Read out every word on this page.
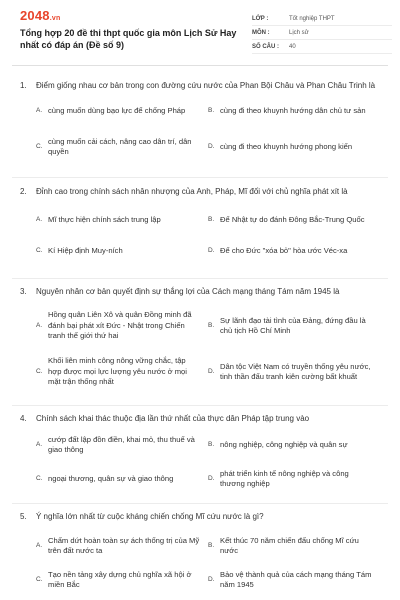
2048.vn
Tổng hợp 20 đề thi thpt quốc gia môn Lịch Sử Hay nhất có đáp án (Đề số 9)
LỚP :	Tốt nghiệp THPT
MÔN :	Lịch sử
SỐ CÂU :	40
1. Điểm giống nhau cơ bản trong con đường cứu nước của Phan Bội Châu và Phan Châu Trinh là
A. cùng muốn dùng bạo lực để chống Pháp	B. cùng đi theo khuynh hướng dân chủ tư sản
C.
cùng muốn cải cách, nâng cao dân trí, dân quyền
D. cùng đi theo khuynh hướng phong kiến
2. Đỉnh cao trong chính sách nhân nhượng của Anh, Pháp, Mĩ đối với chủ nghĩa phát xít là
A. Mĩ thực hiện chính sách trung lập	B. Để Nhật tự do đánh Đông Bắc-Trung Quốc
C. Kí Hiệp định Muy-ních	D. Để cho Đức "xóa bỏ" hòa ước Véc-xa
3. Nguyên nhân cơ bản quyết định sự thắng lợi của Cách mạng tháng Tám năm 1945 là
A.
Hồng quân Liên Xô và quân Đồng minh đã đánh bại phát xít Đức - Nhật trong Chiến tranh thế giới thứ hai
B.
Sự lãnh đạo tài tình của Đảng, đứng đầu là chủ tịch Hồ Chí Minh
C.
Khối liên minh công nông vững chắc, tập hợp được mọi lực lượng yêu nước ở mọi mặt trận thống nhất
D.
Dân tộc Việt Nam có truyền thống yêu nước, tinh thần đấu tranh kiên cường bất khuất
4. Chính sách khai thác thuộc địa lần thứ nhất của thực dân Pháp tập trung vào
A.
cướp đất lập đồn điền, khai mỏ, thu thuế và giao thông
B. nông nghiệp, công nghiệp và quân sự
C. ngoại thương, quân sự và giao thông	D.
phát triển kinh tế nông nghiệp và công thương nghiệp
5. Ý nghĩa lớn nhất từ cuộc kháng chiến chống Mĩ cứu nước là gì?
A.
Chấm dứt hoàn toàn sự ách thống trị của Mỹ trên đất nước ta
B.
Kết thúc 70 năm chiến đấu chống Mĩ cứu nước
C.
Tạo nền tảng xây dựng chủ nghĩa xã hội ở miền Bắc
D.
Bảo vệ thành quả của cách mạng tháng Tám năm 1945
